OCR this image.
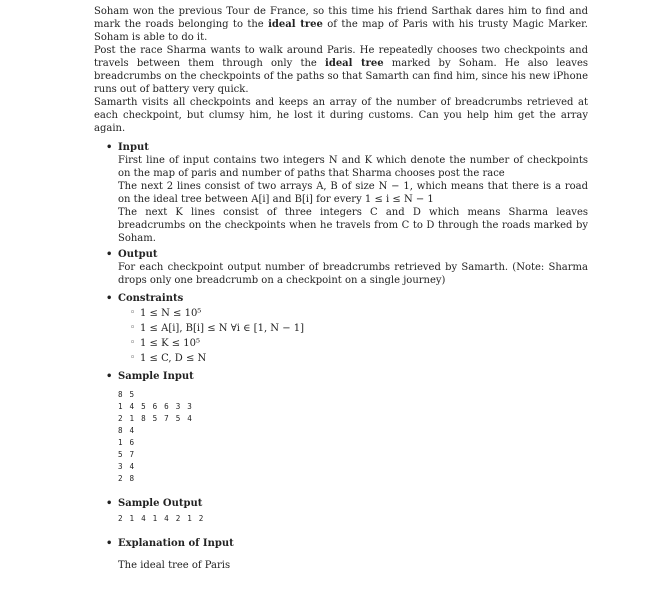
Soham won the previous Tour de France, so this time his friend Sarthak dares him to find and mark the roads belonging to the ideal tree of the map of Paris with his trusty Magic Marker. Soham is able to do it.

Post the race Sharma wants to walk around Paris. He repeatedly chooses two checkpoints and travels between them through only the ideal tree marked by Soham. He also leaves breadcrumbs on the checkpoints of the paths so that Samarth can find him, since his new iPhone runs out of battery very quick.

Samarth visits all checkpoints and keeps an array of the number of breadcrumbs retrieved at each checkpoint, but clumsy him, he lost it during customs. Can you help him get the array again.

• Input

First line of input contains two integers N and K which denote the number of checkpoints on the map of paris and number of paths that Sharma chooses post the race

The next 2 lines consist of two arrays A, B of size N − 1, which means that there is a road on the ideal tree between A[i] and B[i] for every 1 ≤ i ≤ N − 1

The next K lines consist of three integers C and D which means Sharma leaves breadcrumbs on the checkpoints when he travels from C to D through the roads marked by Soham.

• Output

For each checkpoint output number of breadcrumbs retrieved by Samarth. (Note: Sharma drops only one breadcrumb on a checkpoint on a single journey)

• Constraints
◦ 1 ≤ N ≤ 10⁵
◦ 1 ≤ A[i], B[i] ≤ N ∀i ∈ [1, N − 1]
◦ 1 ≤ K ≤ 10⁵
◦ 1 ≤ C, D ≤ N
• Sample Input
8 5
1 4 5 6 6 3 3
2 1 8 5 7 5 4
8 4
1 6
5 7
3 4
2 8
• Sample Output
2 1 4 1 4 2 1 2
• Explanation of Input

The ideal tree of Paris
